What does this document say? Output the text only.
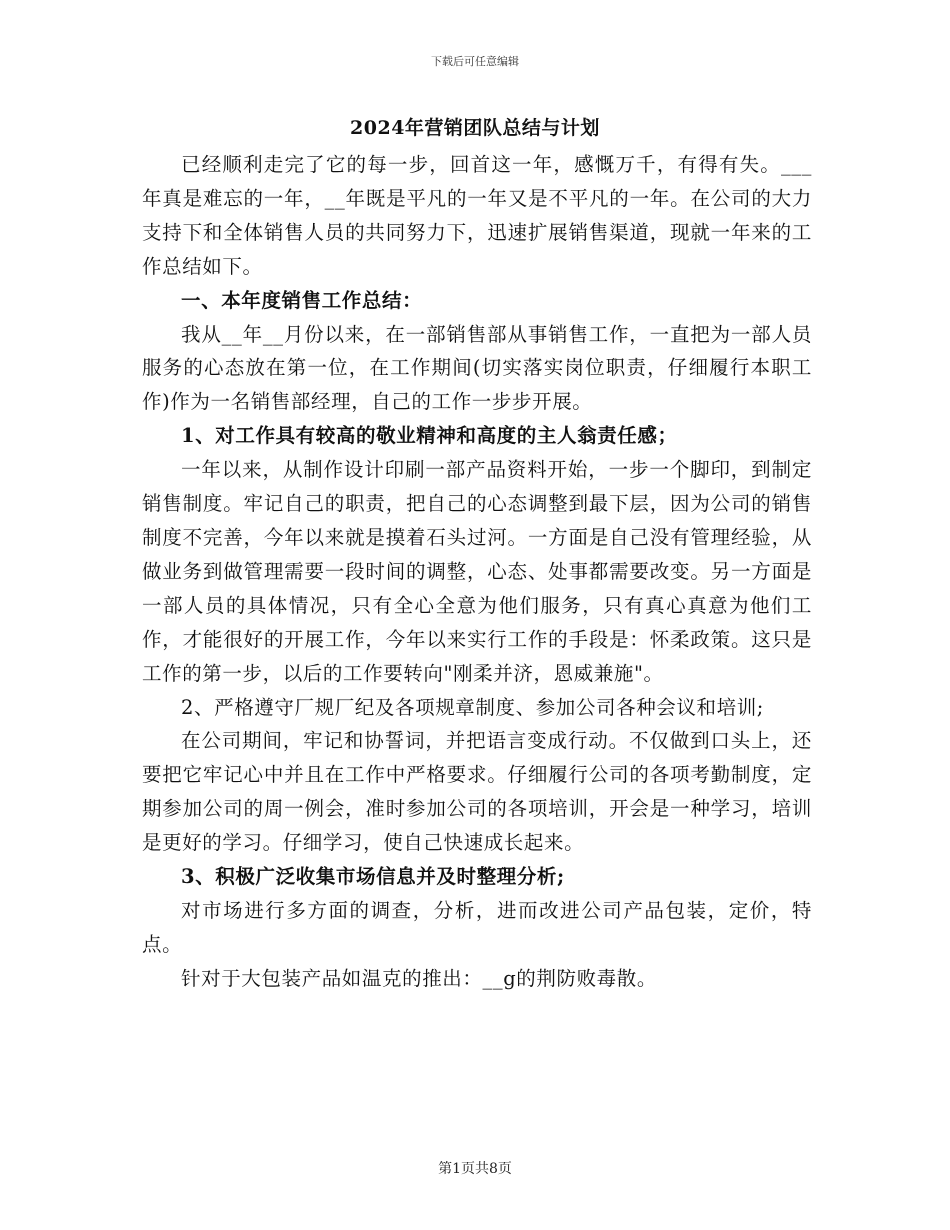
下载后可任意编辑
2024年营销团队总结与计划

已经顺利走完了它的每一步，回首这一年，感慨万千，有得有失。___年真是难忘的一年，__年既是平凡的一年又是不平凡的一年。在公司的大力支持下和全体销售人员的共同努力下，迅速扩展销售渠道，现就一年来的工作总结如下。

一、本年度销售工作总结：

我从__年__月份以来，在一部销售部从事销售工作，一直把为一部人员服务的心态放在第一位，在工作期间(切实落实岗位职责，仔细履行本职工作)作为一名销售部经理，自己的工作一步步开展。

1、对工作具有较高的敬业精神和高度的主人翁责任感；

一年以来，从制作设计印刷一部产品资料开始，一步一个脚印，到制定销售制度。牢记自己的职责，把自己的心态调整到最下层，因为公司的销售制度不完善，今年以来就是摸着石头过河。一方面是自己没有管理经验，从做业务到做管理需要一段时间的调整，心态、处事都需要改变。另一方面是一部人员的具体情况，只有全心全意为他们服务，只有真心真意为他们工作，才能很好的开展工作，今年以来实行工作的手段是：怀柔政策。这只是工作的第一步，以后的工作要转向"刚柔并济，恩威兼施"。

2、严格遵守厂规厂纪及各项规章制度、参加公司各种会议和培训;

在公司期间，牢记和协誓词，并把语言变成行动。不仅做到口头上，还要把它牢记心中并且在工作中严格要求。仔细履行公司的各项考勤制度，定期参加公司的周一例会，准时参加公司的各项培训，开会是一种学习，培训是更好的学习。仔细学习，使自己快速成长起来。

3、积极广泛收集市场信息并及时整理分析;

对市场进行多方面的调查，分析，进而改进公司产品包装，定价，特点。

针对于大包装产品如温克的推出：__g的荆防败毒散。

第1页共8页
